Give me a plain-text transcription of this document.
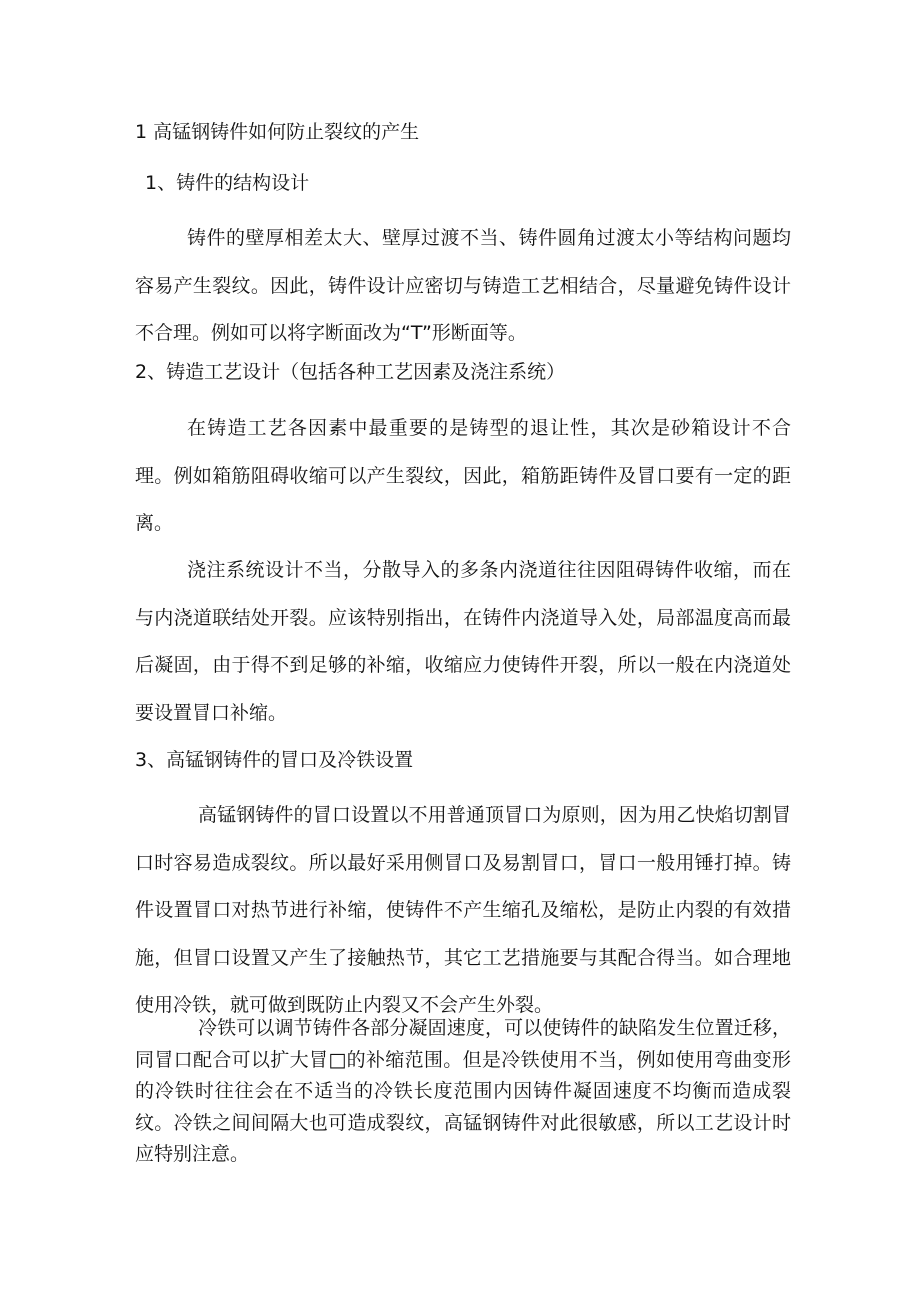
1 高锰钢铸件如何防止裂纹的产生
1、铸件的结构设计

铸件的壁厚相差太大、壁厚过渡不当、铸件圆角过渡太小等结构问题均容易产生裂纹。因此，铸件设计应密切与铸造工艺相结合，尽量避免铸件设计不合理。例如可以将字断面改为“T”形断面等。

2、铸造工艺设计（包括各种工艺因素及浇注系统）

在铸造工艺各因素中最重要的是铸型的退让性，其次是砂箱设计不合理。例如箱筋阻碍收缩可以产生裂纹，因此，箱筋距铸件及冒口要有一定的距离。

浇注系统设计不当，分散导入的多条内浇道往往因阻碍铸件收缩，而在与内浇道联结处开裂。应该特别指出，在铸件内浇道导入处，局部温度高而最后凝固，由于得不到足够的补缩，收缩应力使铸件开裂，所以一般在内浇道处要设置冒口补缩。

3、高锰钢铸件的冒口及冷铁设置

高锰钢铸件的冒口设置以不用普通顶冒口为原则，因为用乙快焰切割冒口时容易造成裂纹。所以最好采用侧冒口及易割冒口，冒口一般用锤打掉。铸件设置冒口对热节进行补缩，使铸件不产生缩孔及缩松，是防止内裂的有效措施，但冒口设置又产生了接触热节，其它工艺措施要与其配合得当。如合理地使用冷铁，就可做到既防止内裂又不会产生外裂。

冷铁可以调节铸件各部分凝固速度，可以使铸件的缺陷发生位置迁移，同冒口配合可以扩大冒□的补缩范围。但是冷铁使用不当，例如使用弯曲变形的冷铁时往往会在不适当的冷铁长度范围内因铸件凝固速度不均衡而造成裂纹。冷铁之间间隔大也可造成裂纹，高锰钢铸件对此很敏感，所以工艺设计时应特别注意。
